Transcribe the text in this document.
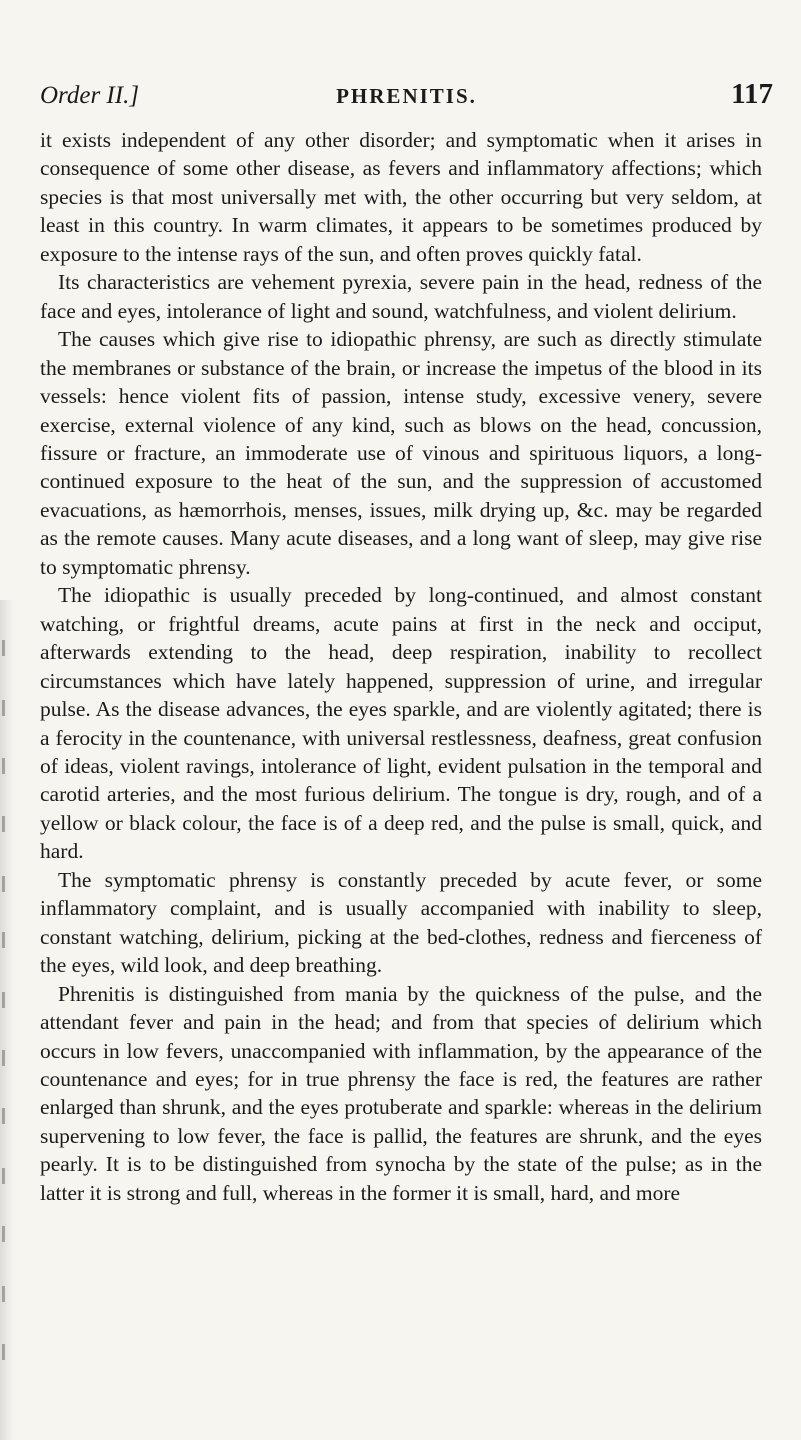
Order II.]	PHRENITIS.	117

it exists independent of any other disorder; and symptomatic when it arises in consequence of some other disease, as fevers and inflammatory affections; which species is that most universally met with, the other occurring but very seldom, at least in this country. In warm climates, it appears to be sometimes produced by exposure to the intense rays of the sun, and often proves quickly fatal.

Its characteristics are vehement pyrexia, severe pain in the head, redness of the face and eyes, intolerance of light and sound, watchfulness, and violent delirium.

The causes which give rise to idiopathic phrensy, are such as directly stimulate the membranes or substance of the brain, or increase the impetus of the blood in its vessels: hence violent fits of passion, intense study, excessive venery, severe exercise, external violence of any kind, such as blows on the head, concussion, fissure or fracture, an immoderate use of vinous and spirituous liquors, a long-continued exposure to the heat of the sun, and the suppression of accustomed evacuations, as hæmorrhois, menses, issues, milk drying up, &c. may be regarded as the remote causes. Many acute diseases, and a long want of sleep, may give rise to symptomatic phrensy.

The idiopathic is usually preceded by long-continued, and almost constant watching, or frightful dreams, acute pains at first in the neck and occiput, afterwards extending to the head, deep respiration, inability to recollect circumstances which have lately happened, suppression of urine, and irregular pulse. As the disease advances, the eyes sparkle, and are violently agitated; there is a ferocity in the countenance, with universal restlessness, deafness, great confusion of ideas, violent ravings, intolerance of light, evident pulsation in the temporal and carotid arteries, and the most furious delirium. The tongue is dry, rough, and of a yellow or black colour, the face is of a deep red, and the pulse is small, quick, and hard.

The symptomatic phrensy is constantly preceded by acute fever, or some inflammatory complaint, and is usually accompanied with inability to sleep, constant watching, delirium, picking at the bed-clothes, redness and fierceness of the eyes, wild look, and deep breathing.

Phrenitis is distinguished from mania by the quickness of the pulse, and the attendant fever and pain in the head; and from that species of delirium which occurs in low fevers, unaccompanied with inflammation, by the appearance of the countenance and eyes; for in true phrensy the face is red, the features are rather enlarged than shrunk, and the eyes protuberate and sparkle: whereas in the delirium supervening to low fever, the face is pallid, the features are shrunk, and the eyes pearly. It is to be distinguished from synocha by the state of the pulse; as in the latter it is strong and full, whereas in the former it is small, hard, and more
